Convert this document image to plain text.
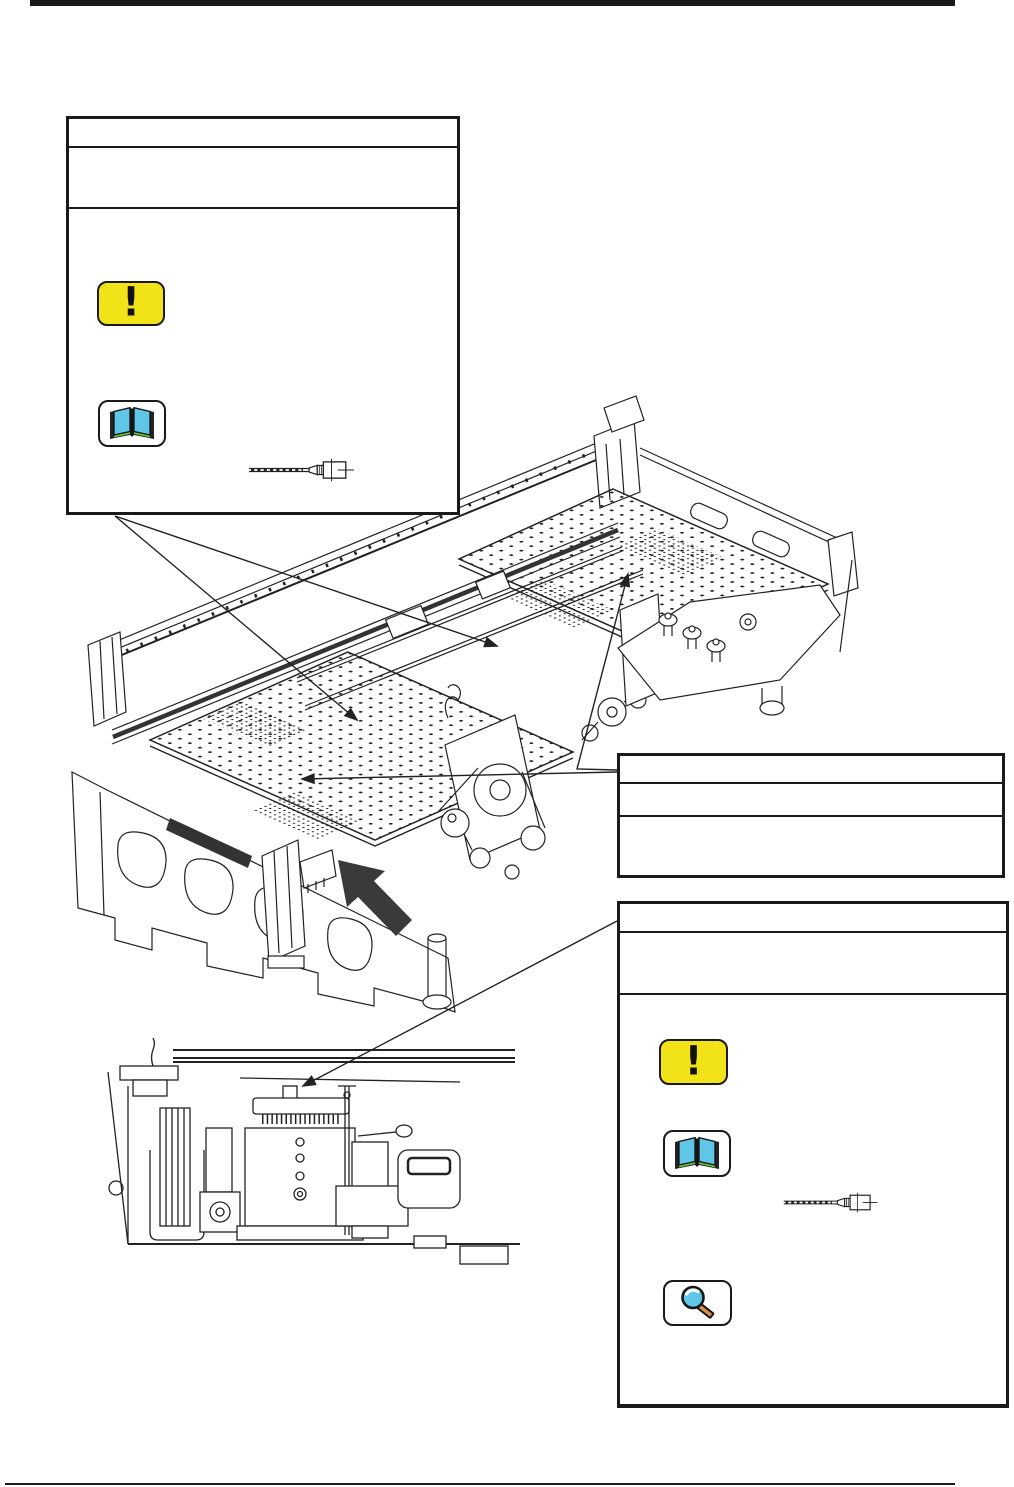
!
!
